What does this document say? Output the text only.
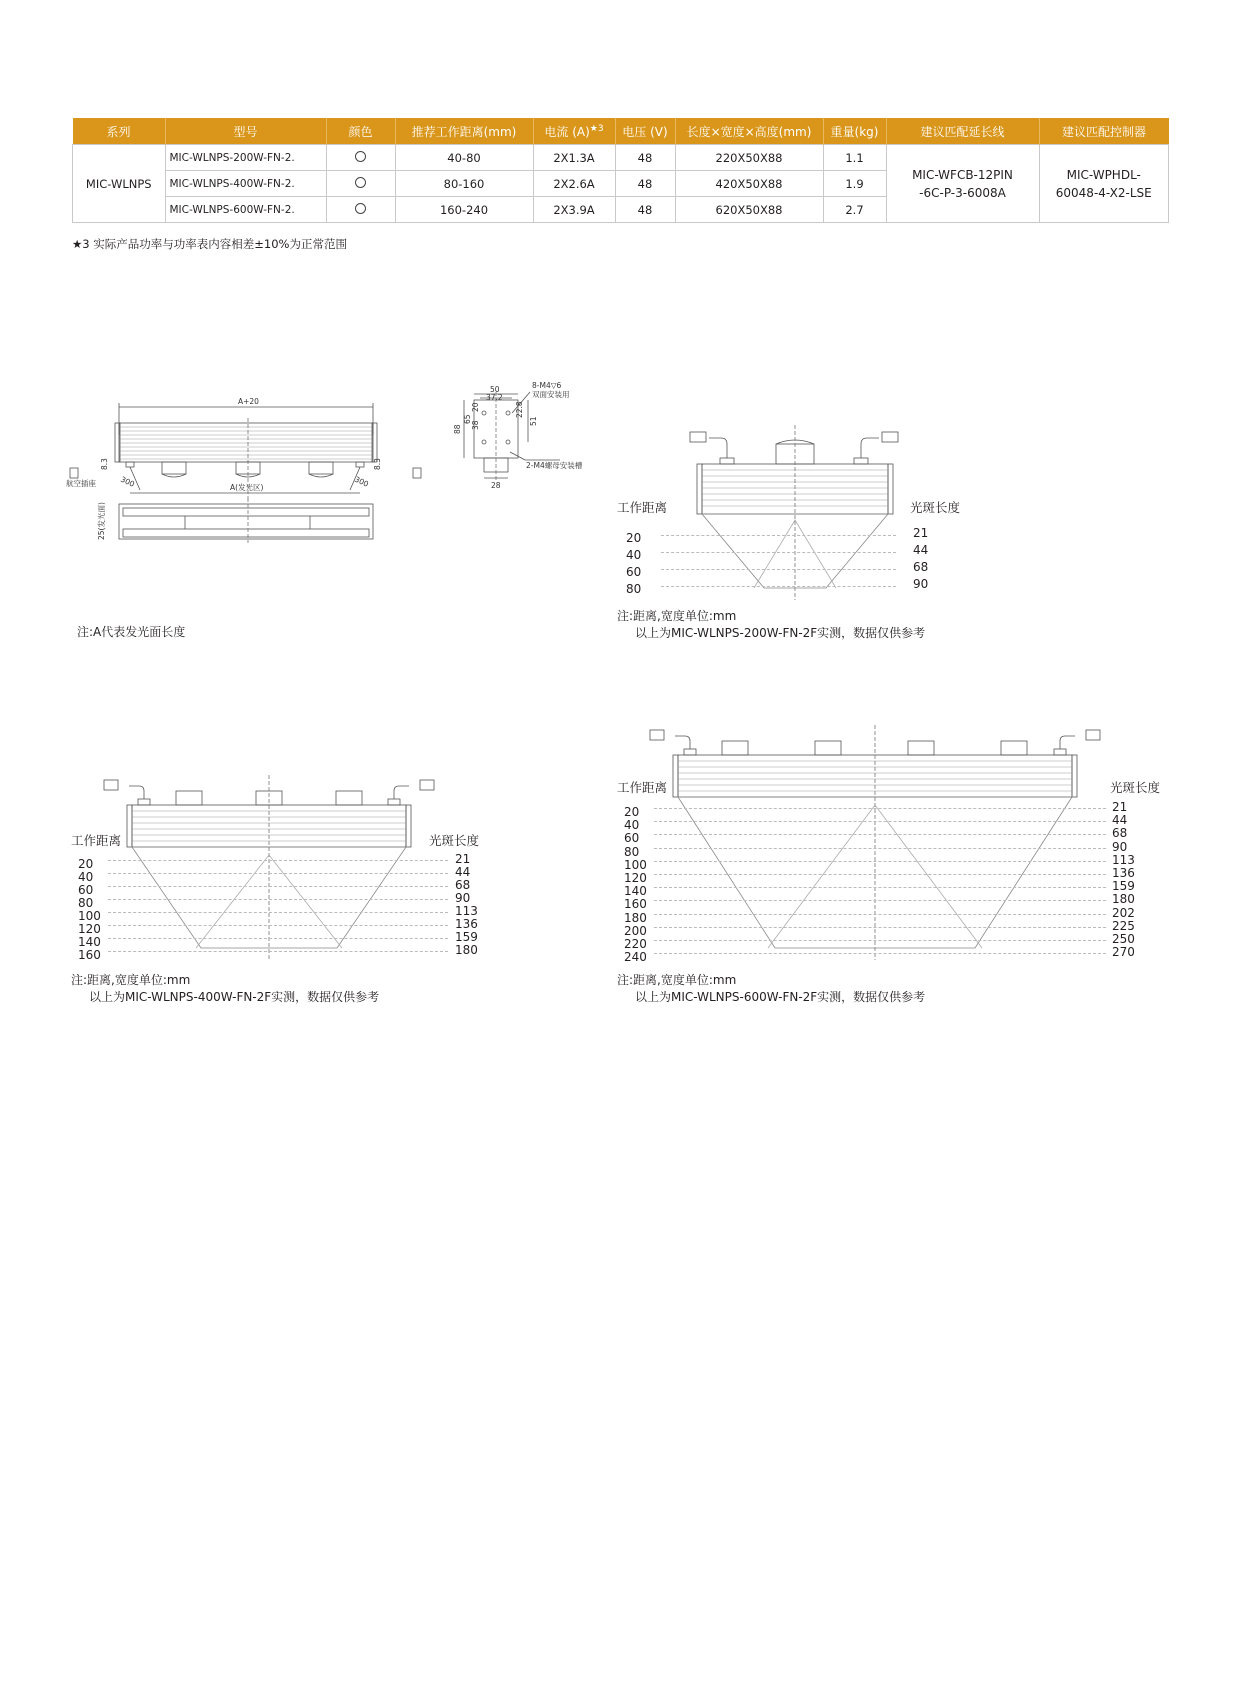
系列	型号	颜色	推荐工作距离(mm)	电流 $(A)^{★3}$	电压 (V)	长度×宽度×高度(mm)	重量(kg)	建议匹配延长线	建议匹配控制器
MIC-WLNPS	MIC-WLNPS-200W-FN-2.		40-80	2X1.3A	48	220X50X88	1.1	MIC-WFCB-12PIN
-6C-P-3-6008A	MIC-WPHDL-
60048-4-X2-LSE
	MIC-WLNPS-400W-FN-2.		80-160	2X2.6A	48	420X50X88	1.9		
	MIC-WLNPS-600W-FN-2.		160-240	2X3.9A	48	620X50X88	2.7		
★3 实际产品功率与功率表内容相差±10%为正常范围
A+20
A(发光区)
25(发光面)
航空插座	300	300
8.3	8.3
50
37.2
88
65
38
20	22.8
51
28
8-M4▽6
双面安装用
2-M4螺母安装槽
注:A代表发光面长度
工作距离	光斑长度
20	21
40	44
60	68
80	90
注:距离,宽度单位:mm
以上为MIC-WLNPS-200W-FN-2F实测，数据仅供参考
工作距离	光斑长度
20	21
40	44
60	68
80	90
100	113
120	136
140	159
160	180
注:距离,宽度单位:mm
以上为MIC-WLNPS-400W-FN-2F实测，数据仅供参考
工作距离	光斑长度
20	21
40	44
60	68
80	90
100	113
120	136
140	159
160	180
180	202
200	225
220	250
240	270
注:距离,宽度单位:mm
以上为MIC-WLNPS-600W-FN-2F实测，数据仅供参考
